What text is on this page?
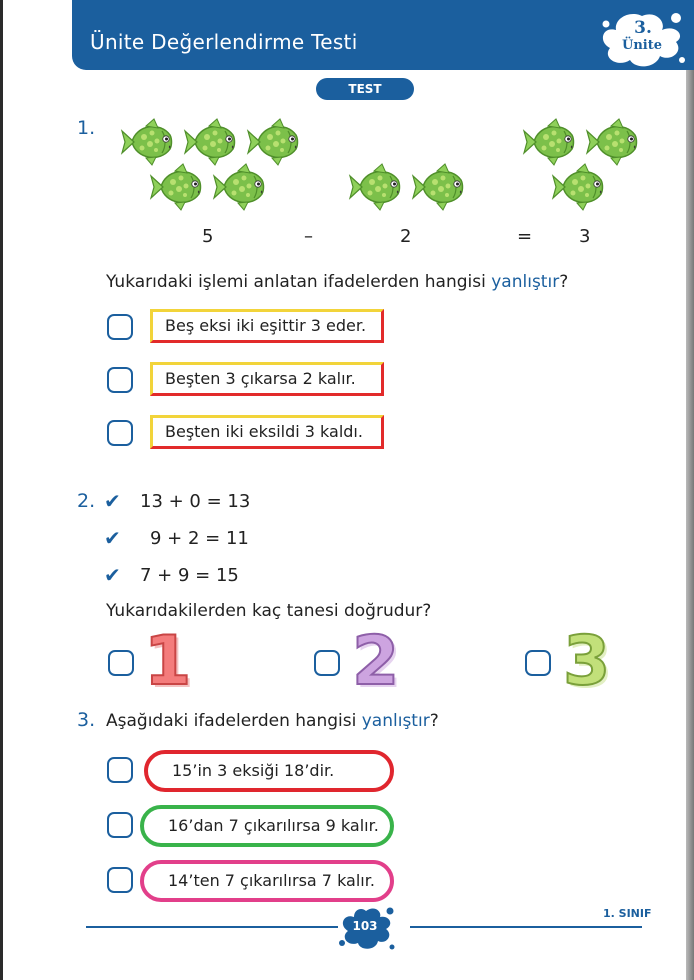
Ünite Değerlendirme Testi
3.
Ünite
TEST
1.
5	–	2	=	3
Yukarıdaki işlemi anlatan ifadelerden hangisi yanlıştır?
Beş eksi iki eşittir 3 eder.
Beşten 3 çıkarsa 2 kalır.
Beşten iki eksildi 3 kaldı.
2. ✔ 13 + 0 = 13
✔ 9 + 2 = 11
✔ 7 + 9 = 15
Yukarıdakilerden kaç tanesi doğrudur?
1 2 3
3. Aşağıdaki ifadelerden hangisi yanlıştır?
15’in 3 eksiği 18’dir.
16’dan 7 çıkarılırsa 9 kalır.
14’ten 7 çıkarılırsa 7 kalır.
103
1. SINIF
